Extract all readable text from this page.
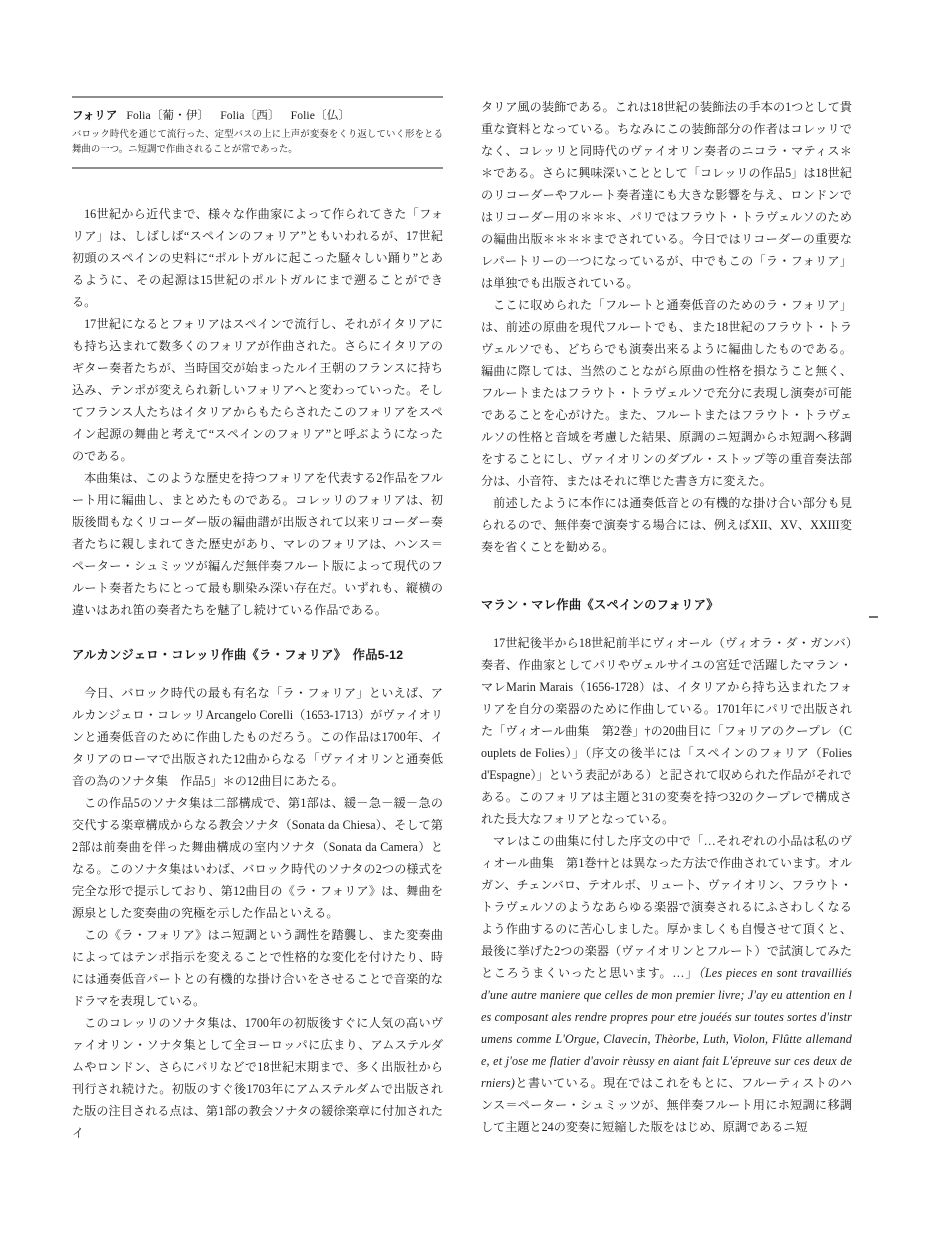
フォリア Folia〔葡・伊〕 Folia〔西〕 Folie〔仏〕

バロック時代を通じて流行った、定型バスの上に上声が変奏をくり返していく形をとる舞曲の一つ。ニ短調で作曲されることが常であった。

16世紀から近代まで、様々な作曲家によって作られてきた「フォリア」は、しばしば“スペインのフォリア”ともいわれるが、17世紀初頭のスペインの史料に“ポルトガルに起こった騒々しい踊り”とあるように、その起源は15世紀のポルトガルにまで遡ることができる。

17世紀になるとフォリアはスペインで流行し、それがイタリアにも持ち込まれて数多くのフォリアが作曲された。さらにイタリアのギター奏者たちが、当時国交が始まったルイ王朝のフランスに持ち込み、テンポが変えられ新しいフォリアへと変わっていった。そしてフランス人たちはイタリアからもたらされたこのフォリアをスペイン起源の舞曲と考えて“スペインのフォリア”と呼ぶようになったのである。

本曲集は、このような歴史を持つフォリアを代表する2作品をフルート用に編曲し、まとめたものである。コレッリのフォリアは、初版後間もなくリコーダー版の編曲譜が出版されて以来リコーダー奏者たちに親しまれてきた歴史があり、マレのフォリアは、ハンス＝ペーター・シュミッツが編んだ無伴奏フルート版によって現代のフルート奏者たちにとって最も馴染み深い存在だ。いずれも、縦横の違いはあれ笛の奏者たちを魅了し続けている作品である。

アルカンジェロ・コレッリ作曲《ラ・フォリア》　作品5-12

今日、バロック時代の最も有名な「ラ・フォリア」といえば、アルカンジェロ・コレッリArcangelo Corelli（1653-1713）がヴァイオリンと通奏低音のために作曲したものだろう。この作品は1700年、イタリアのローマで出版された12曲からなる「ヴァイオリンと通奏低音の為のソナタ集　作品5」＊の12曲目にあたる。

この作品5のソナタ集は二部構成で、第1部は、緩－急－緩－急の交代する楽章構成からなる教会ソナタ（Sonata da Chiesa）、そして第2部は前奏曲を伴った舞曲構成の室内ソナタ（Sonata da Camera）となる。このソナタ集はいわば、バロック時代のソナタの2つの様式を完全な形で提示しており、第12曲目の《ラ・フォリア》は、舞曲を源泉とした変奏曲の究極を示した作品といえる。

この《ラ・フォリア》はニ短調という調性を踏襲し、また変奏曲によってはテンポ指示を変えることで性格的な変化を付けたり、時には通奏低音パートとの有機的な掛け合いをさせることで音楽的なドラマを表現している。

このコレッリのソナタ集は、1700年の初版後すぐに人気の高いヴァイオリン・ソナタ集として全ヨーロッパに広まり、アムステルダムやロンドン、さらにパリなどで18世紀末期まで、多く出版社から刊行され続けた。初版のすぐ後1703年にアムステルダムで出版された版の注目される点は、第1部の教会ソナタの緩徐楽章に付加されたイ

タリア風の装飾である。これは18世紀の装飾法の手本の1つとして貴重な資料となっている。ちなみにこの装飾部分の作者はコレッリでなく、コレッリと同時代のヴァイオリン奏者のニコラ・マティス＊＊である。さらに興味深いこととして「コレッリの作品5」は18世紀のリコーダーやフルート奏者達にも大きな影響を与え、ロンドンではリコーダー用の＊＊＊、パリではフラウト・トラヴェルソのための編曲出版＊＊＊＊までされている。今日ではリコーダーの重要なレパートリーの一つになっているが、中でもこの「ラ・フォリア」は単独でも出版されている。

ここに収められた「フルートと通奏低音のためのラ・フォリア」は、前述の原曲を現代フルートでも、また18世紀のフラウト・トラヴェルソでも、どちらでも演奏出来るように編曲したものである。編曲に際しては、当然のことながら原曲の性格を損なうこと無く、フルートまたはフラウト・トラヴェルソで充分に表現し演奏が可能であることを心がけた。また、フルートまたはフラウト・トラヴェルソの性格と音域を考慮した結果、原調のニ短調からホ短調へ移調をすることにし、ヴァイオリンのダブル・ストップ等の重音奏法部分は、小音符、またはそれに準じた書き方に変えた。

前述したように本作には通奏低音との有機的な掛け合い部分も見られるので、無伴奏で演奏する場合には、例えばXII、XV、XXIII変奏を省くことを勧める。

マラン・マレ作曲《スペインのフォリア》

17世紀後半から18世紀前半にヴィオール（ヴィオラ・ダ・ガンバ）奏者、作曲家としてパリやヴェルサイユの宮廷で活躍したマラン・マレMarin Marais（1656-1728）は、イタリアから持ち込まれたフォリアを自分の楽器のために作曲している。1701年にパリで出版された「ヴィオール曲集　第2巻」†の20曲目に「フォリアのクープレ（Couplets de Folies）」（序文の後半には「スペインのフォリア（Folies d'Espagne）」という表記がある）と記されて収められた作品がそれである。このフォリアは主題と31の変奏を持つ32のクープレで構成された長大なフォリアとなっている。

マレはこの曲集に付した序文の中で「…それぞれの小品は私のヴィオール曲集　第1巻††とは異なった方法で作曲されています。オルガン、チェンバロ、テオルボ、リュート、ヴァイオリン、フラウト・トラヴェルソのようなあらゆる楽器で演奏されるにふさわしくなるよう作曲するのに苦心しました。厚かましくも自慢させて頂くと、最後に挙げた2つの楽器（ヴァイオリンとフルート）で試演してみたところうまくいったと思います。…」（Les pieces en sont travailliés d'une autre maniere que celles de mon premier livre; J'ay eu attention en les composant ales rendre propres pour etre jouéés sur toutes sortes d'instrumens comme L'Orgue, Clavecin, Thèorbe, Luth, Violon, Flûtte allemande, et j'ose me flatier d'avoir rèussy en aiant fait L'épreuve sur ces deux derniers)と書いている。現在ではこれをもとに、フルーティストのハンス＝ペーター・シュミッツが、無伴奏フルート用にホ短調に移調して主題と24の変奏に短縮した版をはじめ、原調であるニ短
